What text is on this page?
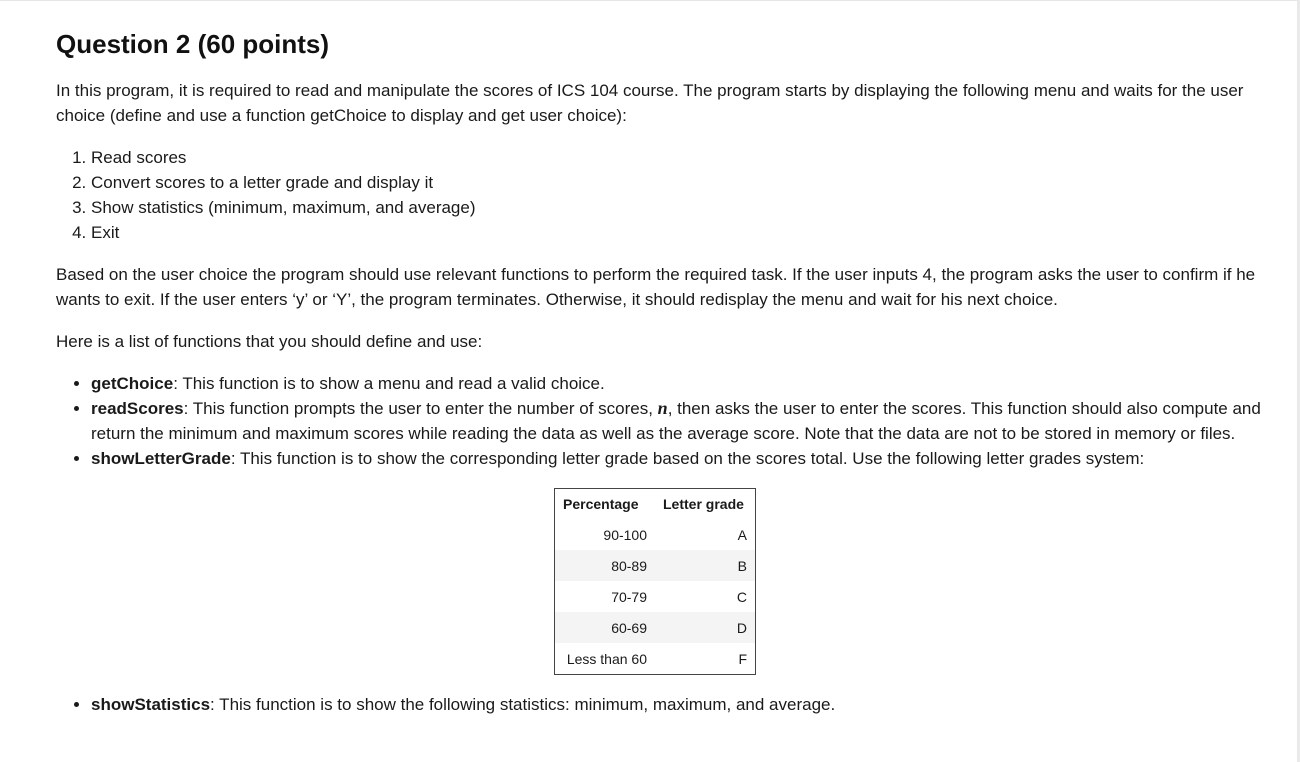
Question 2 (60 points)

In this program, it is required to read and manipulate the scores of ICS 104 course. The program starts by displaying the following menu and waits for the user choice (define and use a function getChoice to display and get user choice):

1. Read scores
2. Convert scores to a letter grade and display it
3. Show statistics (minimum, maximum, and average)
4. Exit

Based on the user choice the program should use relevant functions to perform the required task. If the user inputs 4, the program asks the user to confirm if he wants to exit. If the user enters ‘y’ or ‘Y’, the program terminates. Otherwise, it should redisplay the menu and wait for his next choice.

Here is a list of functions that you should define and use:

• getChoice: This function is to show a menu and read a valid choice.
• readScores: This function prompts the user to enter the number of scores, n, then asks the user to enter the scores. This function should also compute and return the minimum and maximum scores while reading the data as well as the average score. Note that the data are not to be stored in memory or files.
• showLetterGrade: This function is to show the corresponding letter grade based on the scores total. Use the following letter grades system:
Percentage	Letter grade
90-100	A
80-89	B
70-79	C
60-69	D
Less than 60	F
• showStatistics: This function is to show the following statistics: minimum, maximum, and average.
